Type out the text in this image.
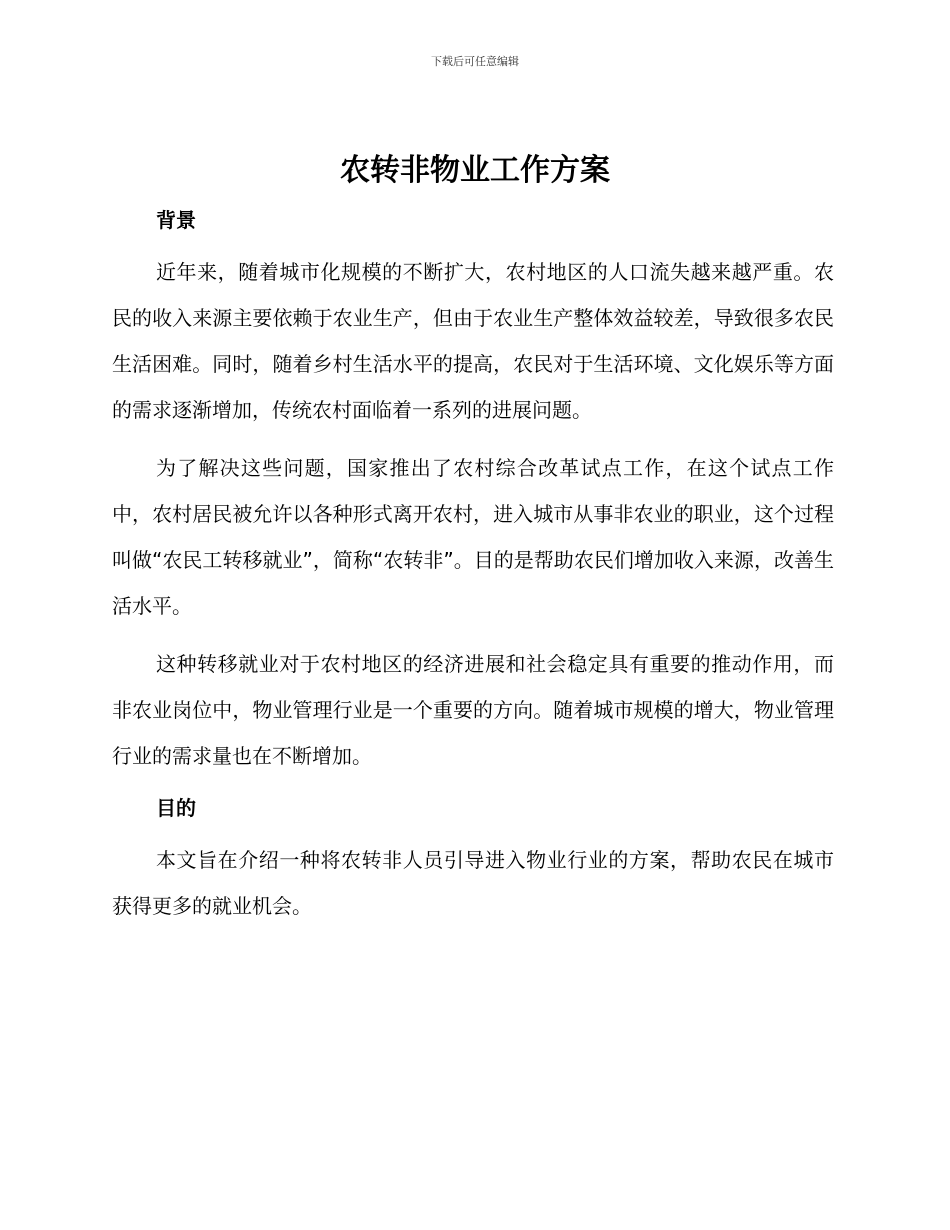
下载后可任意编辑
农转非物业工作方案
背景

近年来，随着城市化规模的不断扩大，农村地区的人口流失越来越严重。农民的收入来源主要依赖于农业生产，但由于农业生产整体效益较差，导致很多农民生活困难。同时，随着乡村生活水平的提高，农民对于生活环境、文化娱乐等方面的需求逐渐增加，传统农村面临着一系列的进展问题。

为了解决这些问题，国家推出了农村综合改革试点工作，在这个试点工作中，农村居民被允许以各种形式离开农村，进入城市从事非农业的职业，这个过程叫做“农民工转移就业”，简称“农转非”。目的是帮助农民们增加收入来源，改善生活水平。

这种转移就业对于农村地区的经济进展和社会稳定具有重要的推动作用，而非农业岗位中，物业管理行业是一个重要的方向。随着城市规模的增大，物业管理行业的需求量也在不断增加。

目的

本文旨在介绍一种将农转非人员引导进入物业行业的方案，帮助农民在城市获得更多的就业机会。
